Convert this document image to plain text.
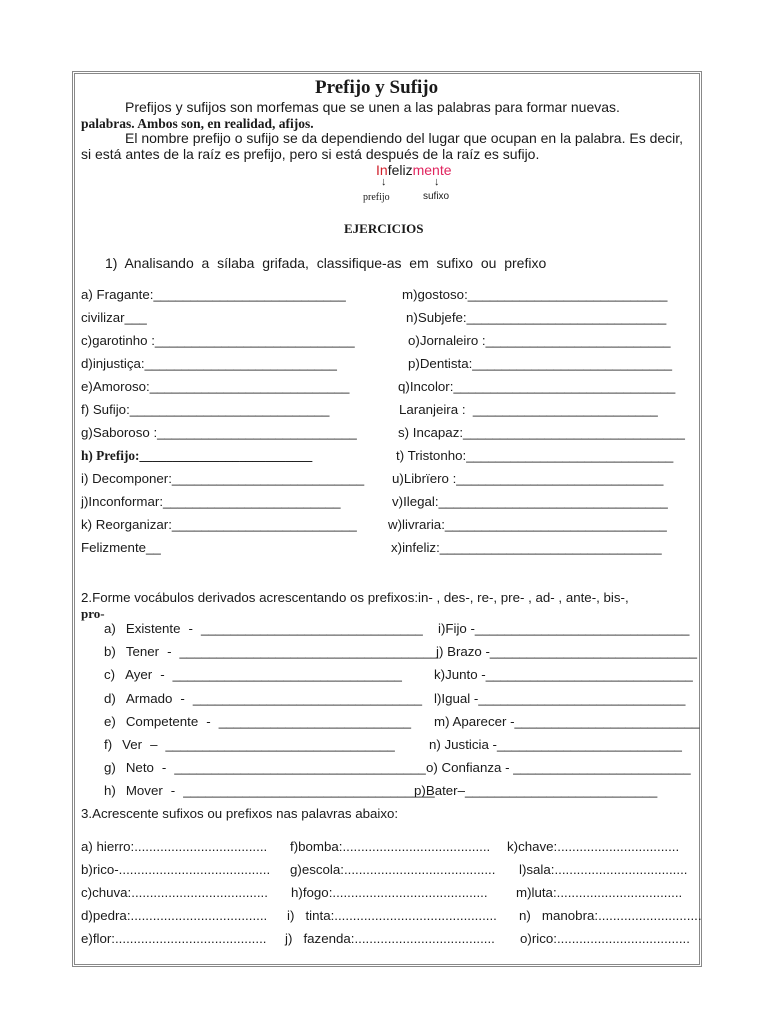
Prefijo y Sufijo
Prefijos y sufijos son morfemas que se unen a las palabras para formar nuevas.
palabras. Ambos son, en realidad, afijos.
El nombre prefijo o sufijo se da dependiendo del lugar que ocupan en la palabra. Es decir,
si está antes de la raíz es prefijo, pero si está después de la raíz es sufijo.
Infelizmente
↓	↓
prefijo	sufixo
EJERCICIOS
1)  Analisando  a  sílaba  grifada,  classifique-as  em  sufixo  ou  prefixo
2.Forme vocábulos derivados acrescentando os prefixos:in- , des-, re-, pre- , ad- , ante-, bis-,
pro-
3.Acrescente sufixos ou prefixos nas palavras abaixo:
a) Fragante:__________________________
civilizar___
c)garotinho :___________________________
d)injustiça:__________________________
e)Amoroso:___________________________
f) Sufijo:___________________________
g)Saboroso :___________________________
h) Prefijo:__________________________
i) Decomponer:__________________________
j)Inconformar:________________________
k) Reorganizar:_________________________
Felizmente__
m)gostoso:___________________________
n)Subjefe:___________________________
o)Jornaleiro :_________________________
p)Dentista:___________________________
q)Incolor:______________________________
Laranjeira :  _________________________
s) Incapaz:______________________________
t) Tristonho:____________________________
u)Librïero :____________________________
v)Ilegal:_______________________________
w)livraria:______________________________
x)infeliz:______________________________
a) Existente - ______________________________
b) Tener - ___________________________________
c) Ayer - _______________________________
d) Armado - _______________________________
e) Competente - __________________________
f) Ver – _______________________________
g) Neto - __________________________________
h) Mover - __________________________________
i)Fijo -_____________________________
j) Brazo -____________________________
k)Junto -____________________________
l)Igual -____________________________
m) Aparecer -_________________________
n) Justicia -_________________________
o) Confianza - ________________________
p)Bater–__________________________
a) hierro:....................................
b)rico-.........................................
c)chuva:.....................................
d)pedra:.....................................
e)flor:.........................................
f)bomba:........................................
g)escola:.........................................
h)fogo:..........................................
i)   tinta:............................................
j)   fazenda:......................................
k)chave:.................................
l)sala:....................................
m)luta:..................................
n)   manobra:............................
o)rico:....................................
